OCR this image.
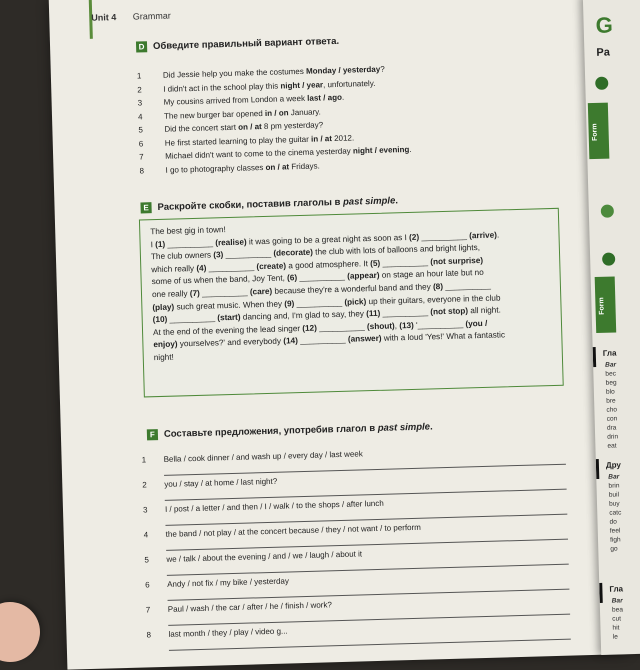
Unit 4 Grammar
D Обведите правильный вариант ответа.
1	Did Jessie help you make the costumes Monday / yesterday?
2	I didn't act in the school play this night / year, unfortunately.
3	My cousins arrived from London a week last / ago.
4	The new burger bar opened in / on January.
5	Did the concert start on / at 8 pm yesterday?
6	He first started learning to play the guitar in / at 2012.
7	Michael didn't want to come to the cinema yesterday night / evening.
8	I go to photography classes on / at Fridays.
E Раскройте скобки, поставив глаголы в past simple.

The best gig in town!

I (1) __________ (realise) it was going to be a great night as soon as I (2) __________ (arrive).

The club owners (3) __________ (decorate) the club with lots of balloons and bright lights,

which really (4) __________ (create) a good atmosphere. It (5) __________ (not surprise)

some of us when the band, Joy Tent, (6) __________ (appear) on stage an hour late but no

one really (7) __________ (care) because they're a wonderful band and they (8) __________

(play) such great music. When they (9) __________ (pick) up their guitars, everyone in the club

(10) __________ (start) dancing and, I'm glad to say, they (11) __________ (not stop) all night.

At the end of the evening the lead singer (12) __________ (shout), (13) '__________ (you /

enjoy) yourselves?' and everybody (14) __________ (answer) with a loud 'Yes!' What a fantastic

night!

F Составьте предложения, употребив глагол в past simple.
1	Bella / cook dinner / and wash up / every day / last week
2	you / stay / at home / last night?
3	I / post / a letter / and then / I / walk / to the shops / after lunch
4	the band / not play / at the concert because / they / not want / to perform
5	we / talk / about the evening / and / we / laugh / about it
6	Andy / not fix / my bike / yesterday
7	Paul / wash / the car / after / he / finish / work?
8	last month / they / play / video g...
G
Pa
Form
Form
Гла
Bar
bec
beg
blo
bre
cho
con
dra
drin
eat
Дру
Bar
brin
buil
buy
catc
do
feel
figh
go
Гла
Bar
bea
cut
hit
le
